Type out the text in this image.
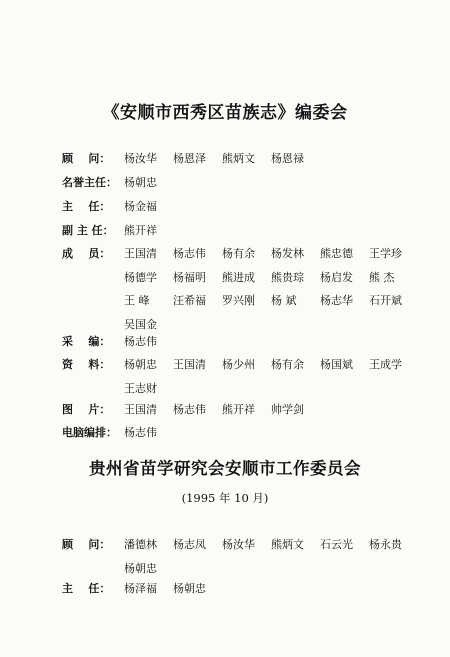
《安顺市西秀区苗族志》编委会
顾    问：	杨汝华	杨恩泽	熊炳文	杨恩禄
名誉主任： 杨朝忠
主    任：	杨金福
副 主 任： 熊开祥
成    员：	王国清	杨志伟	杨有余	杨发林	熊忠德	王学珍
杨德学	杨福明	熊进成	熊贵琮	杨启发	熊 杰
王 峰	汪希福	罗兴刚	杨 斌	杨志华	石开斌
吴国金
采    编：	杨志伟
资    料：	杨朝忠	王国清	杨少州	杨有余	杨国斌	王成学
王志财
图    片：	王国清	杨志伟	熊开祥	帅学剑
电脑编排： 杨志伟
贵州省苗学研究会安顺市工作委员会
(1995 年 10 月)
顾    问：	潘德林	杨志凤	杨汝华	熊炳文	石云光	杨永贵
杨朝忠
主    任：	杨泽福	杨朝忠
